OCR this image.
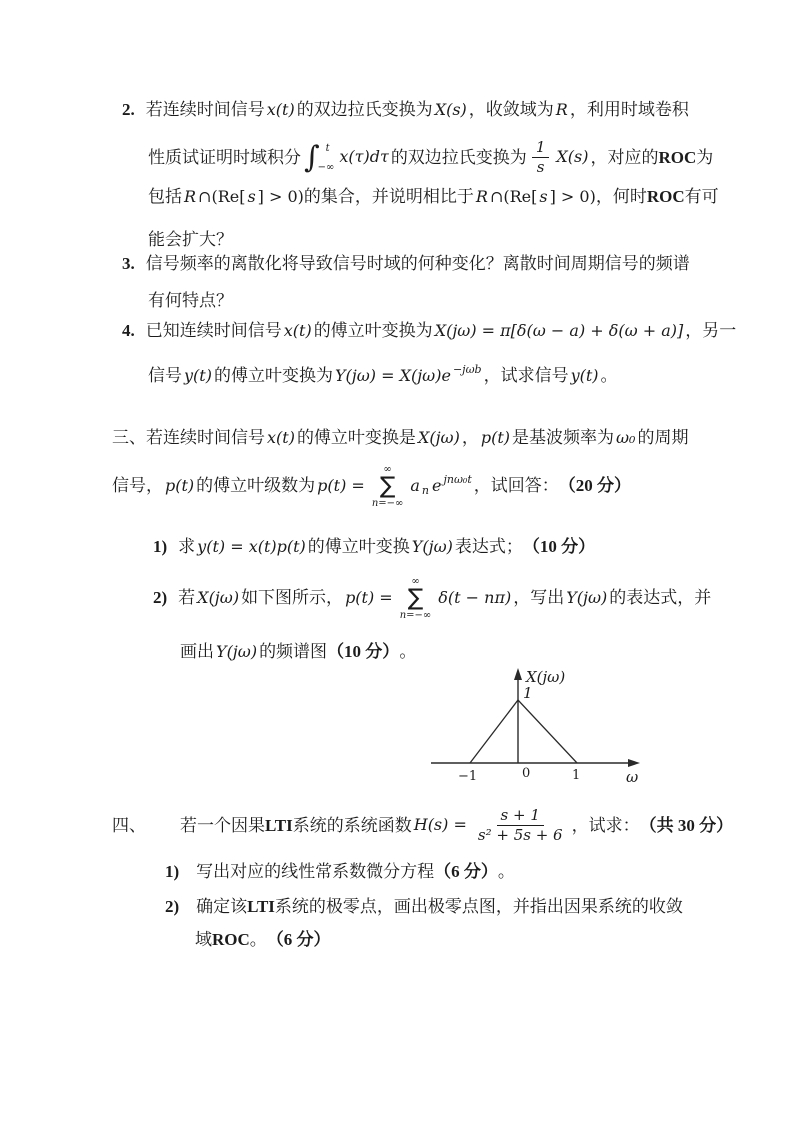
2. 若连续时间信号 x(t) 的双边拉氏变换为 X(s) ，收敛域为 R ，利用时域卷积
性质试证明时域积分 ∫ t
−∞
x(τ)dτ 的双边拉氏变换为 $\frac{1}{s} X(s)$ ，对应的 ROC 为
包括 R ∩ (Re[ s ] > 0) 的集合，并说明相比于 R ∩ (Re[ s ] > 0) ，何时 ROC 有可
能会扩大？
3. 信号频率的离散化将导致信号时域的何种变化？离散时间周期信号的频谱
有何特点？
4. 已知连续时间信号 x(t) 的傅立叶变换为 X(jω) = π[δ(ω − a) + δ(ω + a)] ，另一
信号 y(t) 的傅立叶变换为 Y(jω) = X(jω)e −jωb ，试求信号 y(t) 。
三、若连续时间信号 x(t) 的傅立叶变换是 X(jω) ， p(t) 是基波频率为 ω₀ 的周期
信号， p(t) 的傅立叶级数为 p(t) =
∞
∑
n=−∞
a n e jnω₀t ，试回答： （20 分）
1) 求 y(t) = x(t)p(t) 的傅立叶变换 Y(jω) 表达式； （10 分）
2) 若 X(jω) 如下图所示， p(t) =
∞
∑
n=−∞
δ(t − nπ) ，写出 Y(jω) 的表达式，并
画出 Y(jω) 的频谱图 （10 分） 。
X(jω)
1
−1	0	1	ω
四、 若一个因果 LTI 系统的系统函数 $H(s) = \frac{s + 1}{\text{s² + 5s + 6}}$ ，试求： （共 30 分）
1) 写出对应的线性常系数微分方程 （6 分） 。
2) 确定该 LTI 系统的极零点，画出极零点图，并指出因果系统的收敛
域 ROC 。 （6 分）
